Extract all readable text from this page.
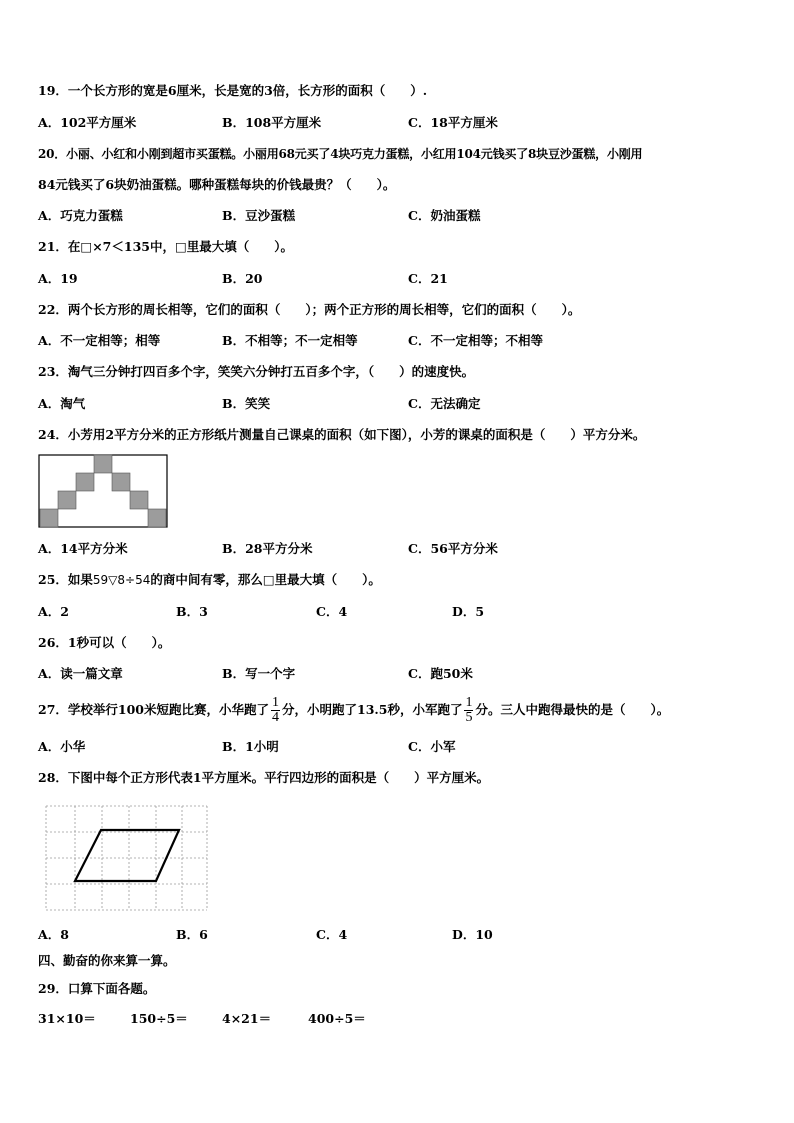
19．一个长方形的宽是6厘米，长是宽的3倍，长方形的面积（　　）.
A．102平方厘米	B．108平方厘米	C．18平方厘米
20．小丽、小红和小刚到超市买蛋糕。小丽用68元买了4块巧克力蛋糕，小红用104元钱买了8块豆沙蛋糕，小刚用
84元钱买了6块奶油蛋糕。哪种蛋糕每块的价钱最贵？（　　）。
A．巧克力蛋糕	B．豆沙蛋糕	C．奶油蛋糕
21．在□×7＜135中，□里最大填（　　）。
A．19	B．20	C．21
22．两个长方形的周长相等，它们的面积（　　）；两个正方形的周长相等，它们的面积（　　）。
A．不一定相等；相等	B．不相等；不一定相等	C．不一定相等；不相等
23．淘气三分钟打四百多个字，笑笑六分钟打五百多个字，（　　）的速度快。
A．淘气	B．笑笑	C．无法确定
24．小芳用2平方分米的正方形纸片测量自己课桌的面积（如下图），小芳的课桌的面积是（　　）平方分米。
A．14平方分米	B．28平方分米	C．56平方分米
25．如果59▽8÷54的商中间有零，那么□里最大填（　　）。
A．2	B．3	C．4	D．5
26．1秒可以（　　）。
A．读一篇文章	B．写一个字	C．跑50米
27．学校举行100米短跑比赛，小华跑了 $\frac{1}{4}$ 分，小明跑了13.5秒，小军跑了 $\frac{1}{5}$ 分。三人中跑得最快的是（　　）。
A．小华	B．1小明	C．小军
28．下图中每个正方形代表1平方厘米。平行四边形的面积是（　　）平方厘米。
A．8	B．6	C．4	D．10
四、勤奋的你来算一算。
29．口算下面各题。
31×10＝	150÷5＝	4×21＝	400÷5＝
